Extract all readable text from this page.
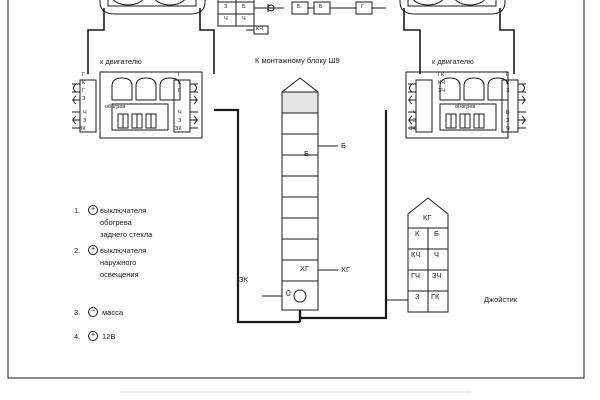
З	Б
Ч	Ч
Б	Б	Г
КЧ
К монтажному блоку Ш9
к двигателю
обогрев
Г
К
Г
З
Ч
З
ЗК
Г
К
Г
Ч
З
ЗК
к двигателю
обогрев
ГК
КЧ
ЗЧ
Ч
З
ЗК
Г
К
З
Б
З
Ч
Б
Б
ХГ	ХГ
0
ЗК
КГ
К Б
КЧ Ч
ГЧ ЗЧ
З ГК	Джойстик
1. + выключателя
обогрева
заднего стекла
2. + выключателя
наружного
освещения
3. − масса
4. + 12В
